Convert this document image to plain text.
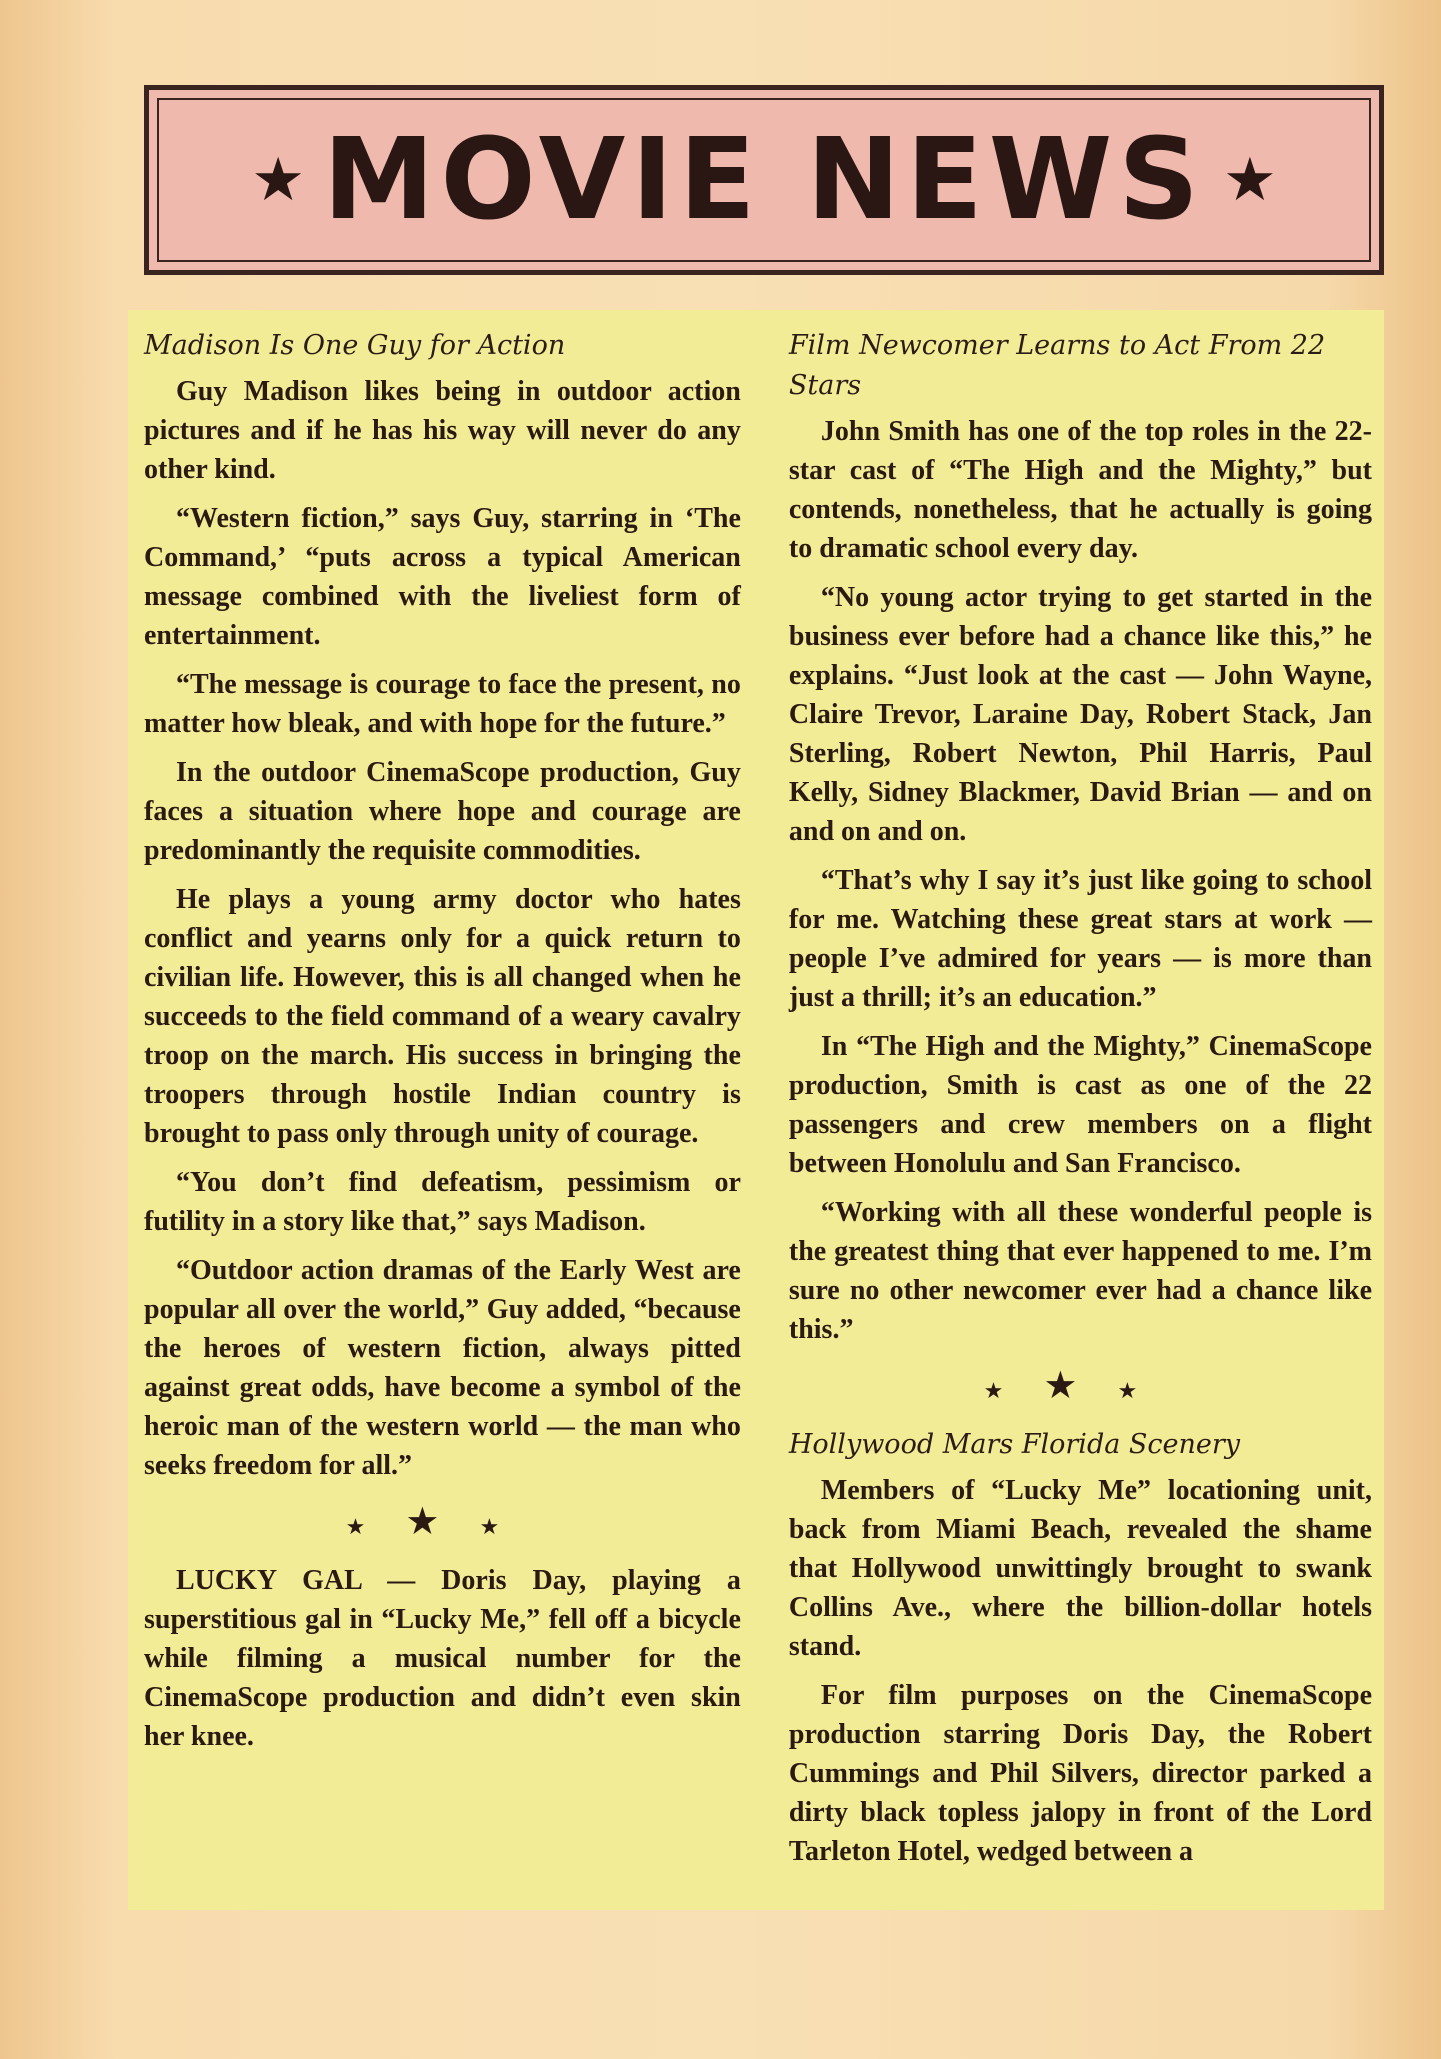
★ MOVIE NEWS ★
Madison Is One Guy for Action

Guy Madison likes being in outdoor action pictures and if he has his way will never do any other kind.

“Western fiction,” says Guy, starring in ‘The Command,’ “puts across a typical American message combined with the liveliest form of entertainment.

“The message is courage to face the present, no matter how bleak, and with hope for the future.”

In the outdoor CinemaScope production, Guy faces a situation where hope and courage are predominantly the requisite commodities.

He plays a young army doctor who hates conflict and yearns only for a quick return to civilian life. However, this is all changed when he succeeds to the field command of a weary cavalry troop on the march. His success in bringing the troopers through hostile Indian country is brought to pass only through unity of courage.

“You don’t find defeatism, pessimism or futility in a story like that,” says Madison.

“Outdoor action dramas of the Early West are popular all over the world,” Guy added, “because the heroes of western fiction, always pitted against great odds, have become a symbol of the heroic man of the western world — the man who seeks freedom for all.”

★★★

LUCKY GAL — Doris Day, playing a superstitious gal in “Lucky Me,” fell off a bicycle while filming a musical number for the CinemaScope production and didn’t even skin her knee.

Film Newcomer Learns to Act From 22 Stars

John Smith has one of the top roles in the 22-star cast of “The High and the Mighty,” but contends, nonetheless, that he actually is going to dramatic school every day.

“No young actor trying to get started in the business ever before had a chance like this,” he explains. “Just look at the cast — John Wayne, Claire Trevor, Laraine Day, Robert Stack, Jan Sterling, Robert Newton, Phil Harris, Paul Kelly, Sidney Blackmer, David Brian — and on and on and on.

“That’s why I say it’s just like going to school for me. Watching these great stars at work — people I’ve admired for years — is more than just a thrill; it’s an education.”

In “The High and the Mighty,” CinemaScope production, Smith is cast as one of the 22 passengers and crew members on a flight between Honolulu and San Francisco.

“Working with all these wonderful people is the greatest thing that ever happened to me. I’m sure no other newcomer ever had a chance like this.”

★★★
Hollywood Mars Florida Scenery

Members of “Lucky Me” locationing unit, back from Miami Beach, revealed the shame that Hollywood unwittingly brought to swank Collins Ave., where the billion-dollar hotels stand.

For film purposes on the CinemaScope production starring Doris Day, the Robert Cummings and Phil Silvers, director parked a dirty black topless jalopy in front of the Lord Tarleton Hotel, wedged between a
